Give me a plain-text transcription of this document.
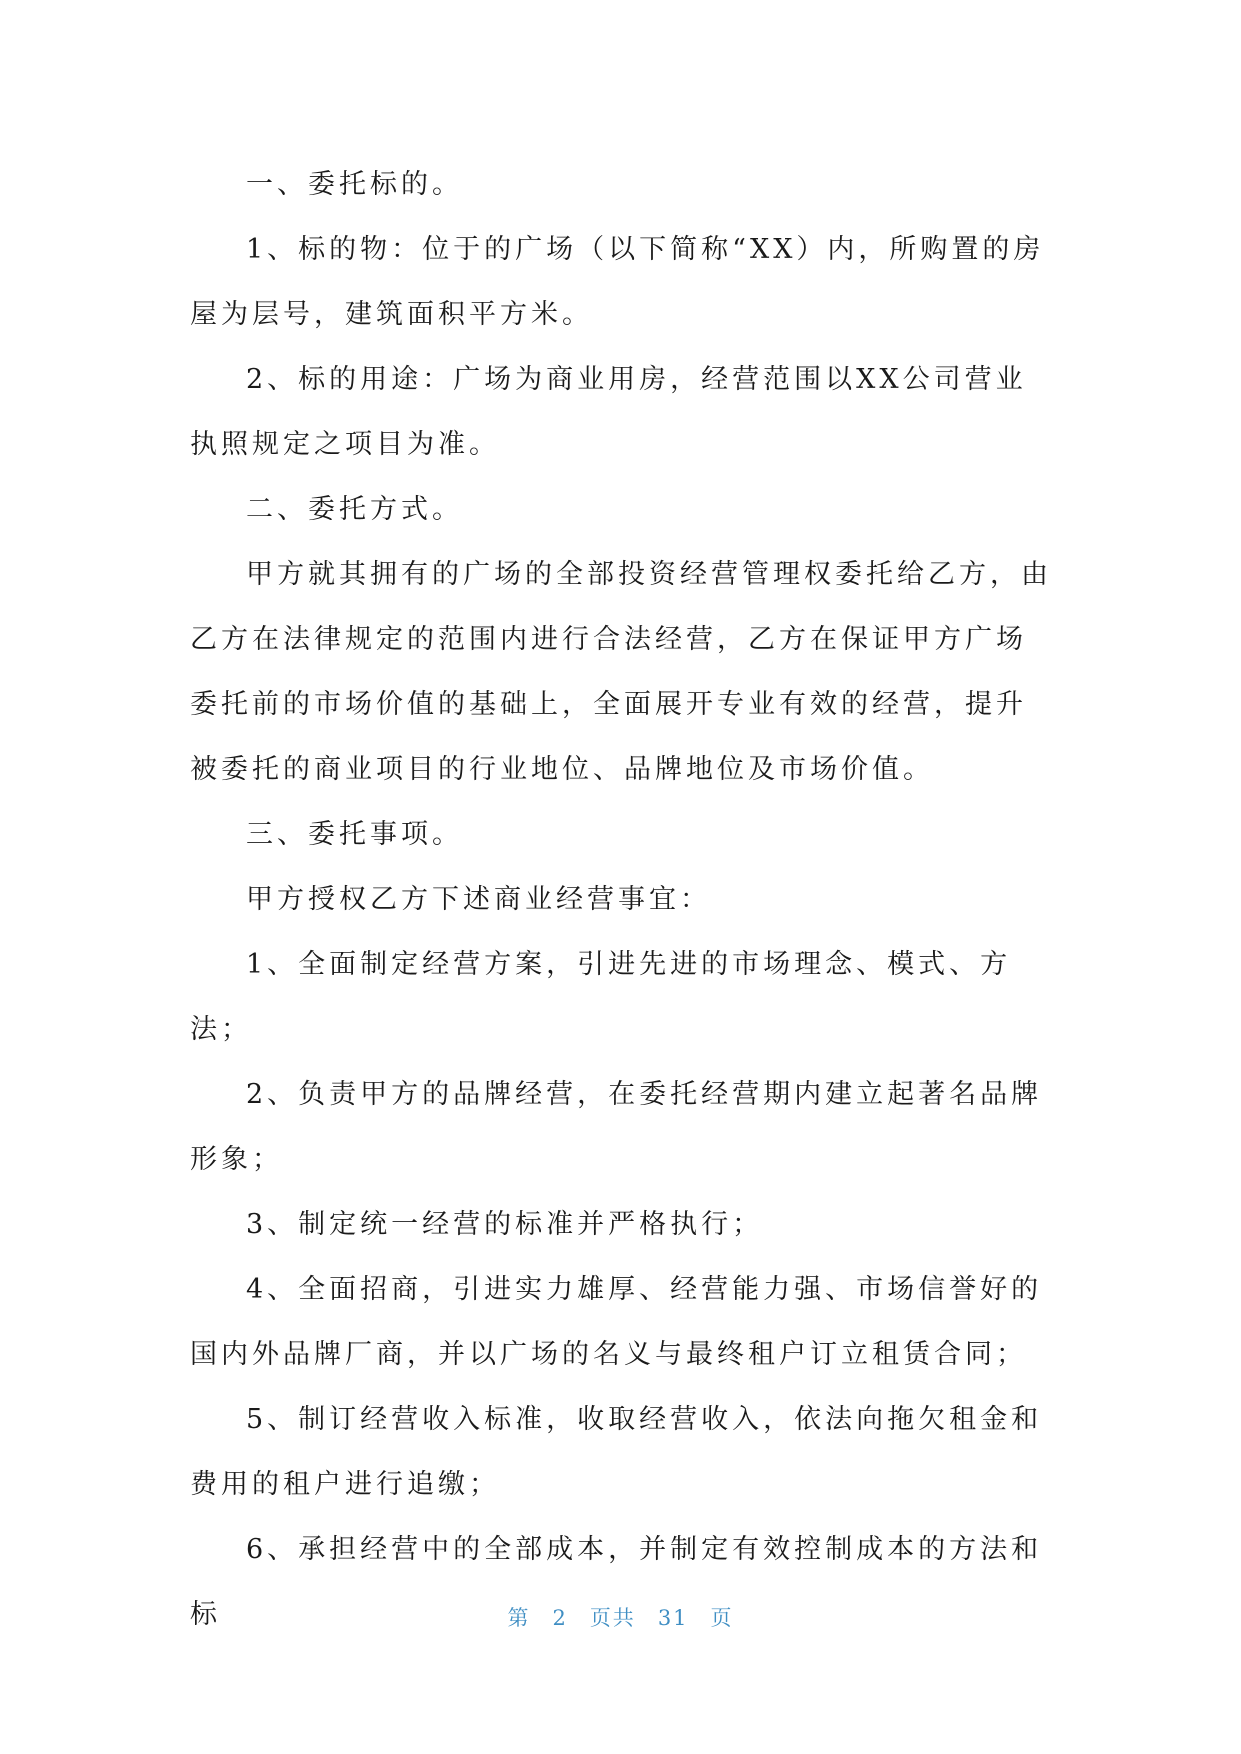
一、委托标的。

1、标的物：位于的广场（以下简称“XX）内，所购置的房屋为层号，建筑面积平方米。

2、标的用途：广场为商业用房，经营范围以XX公司营业执照规定之项目为准。

二、委托方式。

甲方就其拥有的广场的全部投资经营管理权委托给乙方，由乙方在法律规定的范围内进行合法经营，乙方在保证甲方广场委托前的市场价值的基础上，全面展开专业有效的经营，提升被委托的商业项目的行业地位、品牌地位及市场价值。

三、委托事项。

甲方授权乙方下述商业经营事宜：

1、全面制定经营方案，引进先进的市场理念、模式、方法；

2、负责甲方的品牌经营，在委托经营期内建立起著名品牌形象；

3、制定统一经营的标准并严格执行；

4、全面招商，引进实力雄厚、经营能力强、市场信誉好的国内外品牌厂商，并以广场的名义与最终租户订立租赁合同；

5、制订经营收入标准，收取经营收入，依法向拖欠租金和费用的租户进行追缴；

6、承担经营中的全部成本，并制定有效控制成本的方法和标	第 2 页共 31 页
